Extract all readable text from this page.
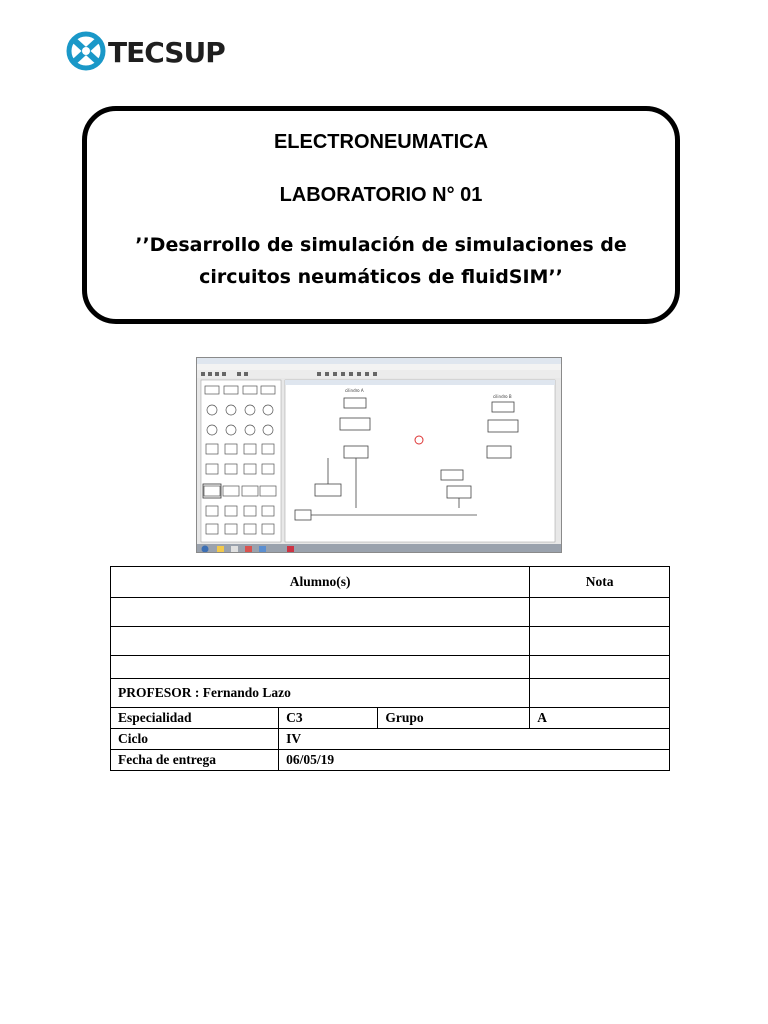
TECSUP
ELECTRONEUMATICA
LABORATORIO N° 01
’’Desarrollo de simulación de simulaciones de circuitos neumáticos de fluidSIM’’
cilindro A
cilindro B
Alumno(s)			Nota

PROFESOR : Fernando Lazo			
Especialidad	C3	Grupo	A
Ciclo	IV		
Fecha de entrega	06/05/19		
